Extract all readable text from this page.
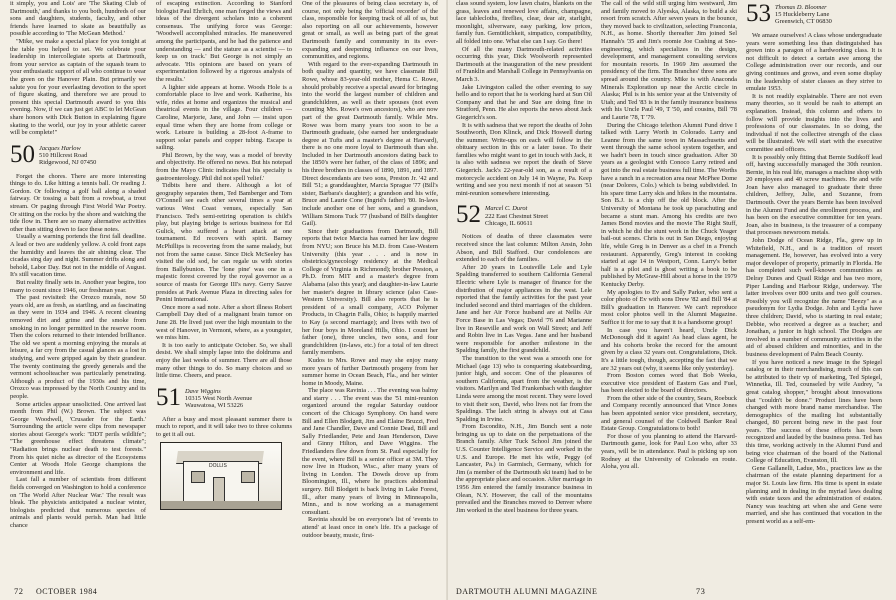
it simply, you and Lois' are 'The Skating Club of Dartmouth,' and thanks to you both, hundreds of our sons and daughters, students, faculty, and other friends have learned to skate as beautifully as possible according to 'The McGean Method.'

"Mike, we make a special place for you tonight at the table you helped to set. We celebrate your leadership in intercollegiate sports at Dartmouth, from your service as captain of the squash team to your enthusiastic support of all who continue to wear the green on the Hanover Plain. But primarily we salute you for your everlasting devotion to the sport of figure skating, and therefore we are proud to present this special Dartmouth award to you this evening. Now, if we can just get ABC to let McGean share honors with Dick Button in explaining figure skating to the world, our joy in your athletic career will be complete!"

50 Jacques Harlow
510 Hillcrest Road
Ridgewood, NJ 07450

Forget the chores. There are more interesting things to do. Like hitting a tennis ball. Or reading J. Gordon. Or following a golf ball along a shaded fairway. Or tossing a bait from a rowboat, a trout stream. Or paging through First World War Poetry. Or sitting on the rocks by the shore and watching the tide flow in. There are so many alternative activities other than sitting down to face these notes.

Usually a warning portends the first fall deadline. A lead or two are suddenly yellow. A cold front zaps the humidity and leaves the air shining clear. The cicadas sing day and night. Summer drifts along and behold, Labor Day. But not in the middle of August. It's still vacation time.

But reality finally sets in. Another year begins, too many to count since 1946, our freshman year.

The past revisited: the Orozco murals, now 50 years old, are as fresh, as startling, and as fascinating as they were in 1934 and 1946. A recent cleaning removed dirt and grime and the smoke from smoking in no longer permitted in the reserve room. Then the colors returned to their intended brilliance. The old we spent a morning enjoying the murals at leisure, a far cry from the casual glances as a lost in studying, and were gripped again by their grandeur. The twenty continuing the greedy generals and the vermont schoolteacher was particularly penetrating. Although a product of the 1930s and his time, Orozco was impressed by the North Country and its people.

Some articles appear unsolicited. One arrived last month from Phil (W.) Brown. The subject was George Woodwell, 'Crusader for the Earth.' 'Surrounding the article were clips from newspaper stories about George's work: "DDT perils wildlife"; "The greenhouse effect threatens climate"; "Radiation brings nuclear death to test forests." From his quiet niche as director of the Ecosystems Center at Woods Hole George champions the environment and life.

Last fall a number of scientists from different fields converged on Washington to hold a conference on 'The World After Nuclear War.' The result was bleak. The physicists anticipated a nuclear winter, biologists predicted that numerous species of animals and plants would perish. Man had little chance

of escaping extinction. According to Stanford biologist Paul Ehrlich, one man forged the views and ideas of the divergent scholars into a coherent consensus. The unifying force was George: 'Woodwell accomplished miracles. He maneuvered among the participants, and he had the patience and understanding — and the stature as a scientist — to keep us on track.' But George is not simply an advocate. 'His opinions are based on years of experimentation followed by a rigorous analysis of the results.'

A lighter side appears at home. Woods Hole is a comfortable place to live and work. Katherine, his wife, rides at home and organizes the musical and theatrical events in the village. Four children — Caroline, Marjorie, Jane, and John — insist upon equal time when they are home from college or work. Leisure is building a 28-foot A-frame to support solar panels and copper tubing. Escape is sailing.

Phil Brown, by the way, was a model of brevity and objectivity. He offered no news. But his notepad from the Mayo Clinic indicates that his specialty is gastroenterology. Phil did not spell 'relief.'

Tidbits here and there. Although a lot of geography separates them, Ted Bamberger and Tom O'Connell see each other several times a year at various West Coast venues, especially San Francisco. Ted's semi-retiring operation is child's play, but playing bridge is serious business for Ed Gulick, who suffered a heart attack at one tournament. Ed recovers with spirit. Barney McPhillips is recovering from the same malady, but not from the same cause. Since Dick McSeeley has visited the old sod, he can regale us with stories from Ballybunion. The 'lone pine' was one in a majestic forest covered by the royal governor as a source of masts for George III's navy. Gerry Sauve presides at Park Avenue Plaza in directing sales for Penini International.

Once more a sad note. After a short illness Robert Campbell Day died of a malignant brain tumor on June 28. He lived just over the high mountain to the west of Hanover, in Vermont, where, as a youngster, we miss him.

It is too early to anticipate October. So, we shall desist. We shall simply lapse into the doldrums and enjoy the last weeks of summer. There are all those many other things to do. So many choices and so little time. Cheers, and peace.

51 Dave Wiggins
10315 West North Avenue
Wauwatosa, WI 53226

After a busy and most pleasant summer there is much to report, and it will take two to three columns to get it all out.

DOLLIS

One of the pleasures of being class secretary is, of course, not only being the 'official recorder' of the class, responsible for keeping track of all of us, but also reporting on all our achievements, however great or small, as well as being part of the great Dartmouth family and community in its ever-expanding and deepening influence on our lives, communities, and regions.

With regard to the ever-expanding Dartmouth in both quality and quantity, we have classmate Bill Rowe, whose 83-year-old mother, Hema C. Rowe, should probably receive a special award for bringing into the world the largest number of children and grandchildren, as well as their spouses (not even counting Mrs. Rowe's own ancestors), who are now part of the great Dartmouth family. While Mrs. Rowe was born many years too soon to be a Dartmouth graduate, (she earned her undergraduate degree at Tufts and a master's degree at Harvard), there is no one more loyal to Dartmouth than she. Included in her Dartmouth ancestors dating back to the 1850's were her father, of the class of 1896; and his three brothers in classes of 1890, 1891, and 1897. Direct descendants are two sons, Preston Jr. '42 and Bill '51; a granddaughter, Marcia Sprague '77 (Bill's sister, Barbara's daughter); a grandson and his wife, Bruce and Laurie Cone (Ingrid's father) '80. In-laws include another one of her sons, and a grandson, William Simons Tuck '77 (husband of Bill's daughter Gail).

Since their graduations from Dartmouth, Bill reports that twice Marcia has earned her law degree from NYU; son Bruce his M.D. from Case-Western University (this year . . . and is now in obstetrics/gynecology residency at the Medical College of Virginia in Richmond); brother Preston, a Ph.D. from MIT and a master's degree from Alabama (also this year); and daughter-in-law Laurie her master's degree in library science (also Case-Western University). Bill also reports that he is president of a small company, ACO Polymer Products, in Chagrin Falls, Ohio; is happily married to Kay (a second marriage); and lives with two of her four boys in Moreland Hills, Ohio. I count her father (one), three uncles, two sons, and four grandchildren (in-laws, etc.) for a total of ten direct family members.

Kudos to Mrs. Rowe and may she enjoy many more years of further Dartmouth progeny from her summer home in Ocean Beach, Fla., and her winter home in Moody, Maine.

The place was Ravinia . . . The evening was balmy and starry . . . The event was the '51 mini-reunion organized around the regular Saturday outdoor concert of the Chicago Symphony. On hand were Bill and Ellen Blodgett, Jim and Elaine Bruzzi, Fred and Jane Chandler, Dave and Connie Dead, Bill and Sally Friedlander, Pete and Jean Henderson, Dave and Ginny Hilton, and Dave Wiggins. The Friedlanders flew down from St. Paul especially for the event, where Bill is a senior officer at 3M. They now live in Hudson, Wisc., after many years of living in London. The Dowds drove up from Bloomington, Ill., where he practices abdominal surgery. Bill Blodgett is back living in Lake Forest, Ill., after many years of living in Minneapolis, Minn., and is now working as a management consultant.

Ravinia should be on everyone's list of 'events to attend' at least once in one's life. It's a package of outdoor beauty, music, first-

72 OCTOBER 1984

class sound system, low lawn chairs, blankets on the grass, leaves and renewed love affairs, champagne, lace tablecloths, fireflies, clear, dear air, starlight, moonlight, silverware, easy parking, low prices, family fun. Gemütlichkeit, simpatico, compatibility, all folded into one. What else can I say. Go there!

Of all the many Dartmouth-related activities occurring this year, Dick Woolworth represented Dartmouth at the inauguration of the new president of Franklin and Marshall College in Pennsylvania on March 3.

Jake Livingston called the other evening to say hello and to report that he is working hard at Sun Oil Company and that he and Sue are doing fine in Stratford, Penn. He also reports the news about Jack Giegerich's son.

It is with sadness that we report the deaths of John Southworth, Don Klinck, and Dick Hoswell during the summer. Write-ups on each will follow in the obituary section in this or a later issue. To their families who might want to get in touch with Jack, it is also with sadness we report the death of Steve Giegerich. Jack's 22-year-old son, as a result of a motorcycle accident on July 14 in Wayne, Pa. Keep writing and see you next month if not at season '51 mini-reunion somewhere interesting.

52 Marcel C. Durot
222 East Chestnut Street
Chicago, IL 60611

Notices of deaths of three classmates were received since the last column: Milton Ansin, John Abson, and Bill Stafford. Our condolences are extended to each of the families.

After 20 years in Louisville Lele and Lyle Spalding transferred to southern California General Electric where Lyle is manager of finance for the distribution of major appliances in the west. Lele reported that the family activities for the past year included second and third marriages of the children. Jane and her Air Force husband are at Nellis Air Force Base in Las Vegas; David '76 and Marianne live in Reseville and work on Wall Street; and Jeff and Robin live in Las Vegas. Jane and her husband were responsible for another milestone in the Spalding family, the first grandchild.

The transition to the west was a smooth one for Michael (age 13) who is conquering skateboarding, junior high, and soccer. One of the pleasures of southern California, apart from the weather, is the visitors. Marilyn and Ted Frankenbach with daughter Linda were among the most recent. They were loved to visit their son, David, who lives not far from the Spaldings. The latch string is always out at Casa Spalding in Irvine.

From Escondito, N.H., Jim Bunch sent a note bringing us up to date on the perpetuations of the Branch family. After Tuck School Jim joined the U.S. Counter Intelligence Service and worked in the U.S. and Europe. He met his wife, Peggy (of Lancaster, Pa.) in Garmisch, Germany, which for Jim (a member of the Dartmouth ski team) had to be the appropriate place and occasion. After marriage in 1956 Jim entered the family insurance business in Olean, N.Y. However, the call of the mountains prevailed and the Branches moved to Denver where Jim worked in the steel business for three years.

The call of the wild still urging him westward, Jim and family moved to Alyeska, Alaska, to build a ski resort from scratch. After seven years in the bounce, they moved back to civilization, selecting Franconia, N.H., as home. Shortly thereafter Jim joined Sel Hannah's '35 and Jim's roomie Joe Cushing at Sno-engineering, which specializes in the design, development, and management consulting services for mountain resorts. In 1969 Jim assumed the presidency of the firm. The Branches' three sons are spread around the country. Mike is with Anaconda Minerals Exploration up near the Arctic circle in Alaska; Phil is in his senior year at the University of Utah; and Ted '83 is in the family insurance business with his Uncle Paul '49, T '50, and cousins, Bill '78 and Laurie '78, T '79.

During the Chicago telethon Alumni Fund drive I talked with Larry Worth in Colorado. Larry and Leanne from the same town in Massachusetts and went through the same school system together, and we hadn't been in touch since graduation. After 30 years as a geologist with Conoco Larry retired and got into the real estate business full time. The Worths have a ranch in a recreation area near McPhee Dome (near Dolores, Colo.) which is being subdivided. In his spare time Larry skis and hikes in the mountains. Son B.J. is a chip off the old block. After the University of Montana he took up parachuting and became a stunt man. Among his credits are two James Bond movies and the movie The Right Stuff, in which he did the stunt work in the Chuck Yeager bail-out scenes. Chris is out in San Diego, enjoying life, while Greg is in Denver as a chef in a French restaurant. Apparently, Greg's interest in cooking started at age 14 in Westport, Conn. Larry's better half is a pilot and is ghost writing a book to be published by McGraw-Hill about a horse in the 1979 Kentucky Derby.

My apologies to Ev and Sally Parker, who sent a color photo of Ev with sons Drew '82 and Bill '84 at Bill's graduation in Hanover. We can't reproduce most color photos well in the Alumni Magazine. Suffice it for me to say that it is a handsome group!

In case you haven't heard, Uncle Dick McDonough did it again! As head class agent, he and his cohorts broke the record for the amount given by a class 32 years out. Congratulations, Dick. It's a little tough, though, accepting the fact that we are 32 years out (why, it seems like only yesterday).

From Boston comes word that Bob Weeks, executive vice president of Eastern Gas and Fuel, has been elected to the board of directors.

From the other side of the country, Sears, Roebuck and Company recently announced that Vince Jones has been appointed senior vice president, secretary, and general counsel of the Coldwell Banker Real Estate Group. Congratulations to both!

For those of you planning to attend the Harvard-Dartmouth game, look for Paul Loo who, after 33 years, will be in attendance. Paul is picking up son Rodney at the University of Colorado en route. Aloha, you all.

53 Thomas D. Bloomer
15 Huckleberry Lane
Greenwich, CT 06830

We amaze ourselves! A class whose undergraduate years were something less than distinguished has grown into a paragon of a hardworking class. It is not difficult to detect a certain awe among the College administration over our records, and our giving continues and grows, and even some display in the leadership of sister classes as they strive to emulate 1953.

It is not readily explainable. There are not even many theories, so it would be rash to attempt an explanation. Instead, this column and others to follow will provide insights into the lives and professions of our classmates. In so doing, the individual if not the collective strength of the class will be illustrated. We will start with the executive committee and officers.

It is possibly only fitting that Bernie Sudikoff lead off, having successfully managed the 30th reunion. Bernie, in his real life, manages a machine shop with 20 employees and 40 screw machines. He and wife Joan have also managed to graduate their three children, Jeffrey, Julie, and Suzanne, from Dartmouth. Over the years Bernie has been involved in the Alumni Fund and the enrollment process, and has been on the executive committee for ten years. Joan, also in business, is the treasurer of a company that processes newsroom metals.

John Dodge of Ocean Ridge, Fla., grew up in Whitefield, N.H., and is a tradition of resort management. He, however, has evolved into a very major developer of property, primarily in Florida. He has completed such well-known communities as Delray Dunes and Quail Ridge and has two more, Piper Landing and Harbour Ridge, underway. The latter involves over 800 units and two golf courses. Possibly you will recognize the name "Beezy" as a pseudonym for Lydia Dodge. John and Lydia have three children; David, who is starting in real estate; Debbie, who received a degree as a teacher; and Jonathan, a junior in high school. The Dodges are involved in a number of community activities in the aid of abused children and minorities, and in the business development of Palm Beach County.

If you have noticed a new image in the Spiegel catalog or in their merchandising, much of this can be attributed to their vp of marketing, Ted Spiegel, Winnetka, Ill. Ted, counseled by wife Audrey, "a great catalog shopper," brought about innovations that "couldn't be done." Product lines have been changed with more brand name merchandise. The demographics of the mailing list substantially changed, 80 percent being new in the past four years. The success of these efforts has been recognized and lauded by the business press. Ted has this time, working actively in the Alumni Fund and being vice chairman of the board of the National College of Education, Evanston, Ill.

Gene Gallanelli, Ladue, Mo., practices law as the chairman of the estate planning department for a major St. Louis law firm. His time is spent in estate planning and in dealing in the myriad laws dealing with estate taxes and the administration of estates. Nancy was teaching art when she and Gene were married, and she has continued that vocation in the present world as a self-em-

DARTMOUTH ALUMNI MAGAZINE	73
